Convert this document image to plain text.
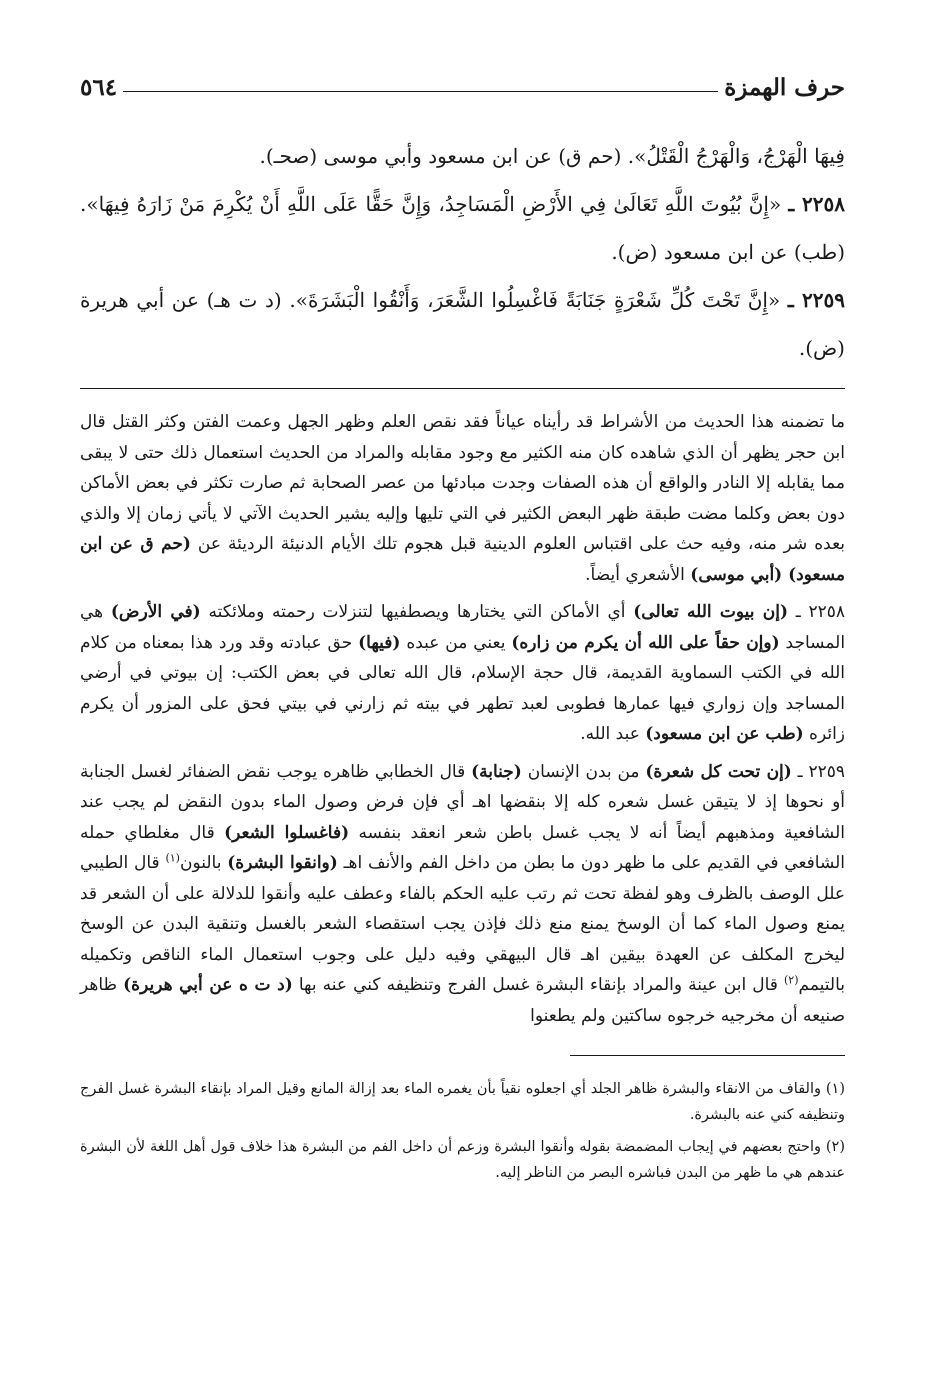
حرف الهمزة
٥٦٤

فِيهَا الْهَرْجُ، وَالْهَرْجُ الْقَتْلُ». (حم ق) عن ابن مسعود وأبي موسى (صحـ).

٢٢٥٨ ـ «إِنَّ بُيُوتَ اللَّهِ تَعَالَىٰ فِي الأَرْضِ الْمَسَاجِدُ، وَإِنَّ حَقًّا عَلَى اللَّهِ أَنْ يُكْرِمَ مَنْ زَارَهُ فِيهَا». (طب) عن ابن مسعود (ض).

٢٢٥٩ ـ «إِنَّ تَحْتَ كُلِّ شَعْرَةٍ جَنَابَةً فَاغْسِلُوا الشَّعَرَ، وَأَنْقُوا الْبَشَرَةَ». (د ت هـ) عن أبي هريرة (ض).

ما تضمنه هذا الحديث من الأشراط قد رأيناه عياناً فقد نقص العلم وظهر الجهل وعمت الفتن وكثر القتل قال ابن حجر يظهر أن الذي شاهده كان منه الكثير مع وجود مقابله والمراد من الحديث استعمال ذلك حتى لا يبقى مما يقابله إلا النادر والواقع أن هذه الصفات وجدت مبادئها من عصر الصحابة ثم صارت تكثر في بعض الأماكن دون بعض وكلما مضت طبقة ظهر البعض الكثير في التي تليها وإليه يشير الحديث الآتي لا يأتي زمان إلا والذي بعده شر منه، وفيه حث على اقتباس العلوم الدينية قبل هجوم تلك الأيام الدنيئة الرديئة عن (حم ق عن ابن مسعود) (أبي موسى) الأشعري أيضاً.

٢٢٥٨ ـ (إن بيوت الله تعالى) أي الأماكن التي يختارها ويصطفيها لتنزلات رحمته وملائكته (في الأرض) هي المساجد (وإن حقاً على الله أن يكرم من زاره) يعني من عبده (فيها) حق عبادته وقد ورد هذا بمعناه من كلام الله في الكتب السماوية القديمة، قال حجة الإسلام، قال الله تعالى في بعض الكتب: إن بيوتي في أرضي المساجد وإن زواري فيها عمارها فطوبى لعبد تطهر في بيته ثم زارني في بيتي فحق على المزور أن يكرم زائره (طب عن ابن مسعود) عبد الله.

٢٢٥٩ ـ (إن تحت كل شعرة) من بدن الإنسان (جنابة) قال الخطابي ظاهره يوجب نقض الضفائر لغسل الجنابة أو نحوها إذ لا يتيقن غسل شعره كله إلا بنقضها اهـ أي فإن فرض وصول الماء بدون النقض لم يجب عند الشافعية ومذهبهم أيضاً أنه لا يجب غسل باطن شعر انعقد بنفسه (فاغسلوا الشعر) قال مغلطاي حمله الشافعي في القديم على ما ظهر دون ما بطن من داخل الفم والأنف اهـ (وانقوا البشرة) بالنون$^{(١)}$ قال الطيبي علل الوصف بالظرف وهو لفظة تحت ثم رتب عليه الحكم بالفاء وعطف عليه وأنقوا للدلالة على أن الشعر قد يمنع وصول الماء كما أن الوسخ يمنع منع ذلك فإذن يجب استقصاء الشعر بالغسل وتنقية البدن عن الوسخ ليخرج المكلف عن العهدة بيقين اهـ قال البيهقي وفيه دليل على وجوب استعمال الماء الناقص وتكميله بالتيمم$^{(٢)}$ قال ابن عينة والمراد بإنقاء البشرة غسل الفرج وتنظيفه كني عنه بها (د ت ه عن أبي هريرة) ظاهر صنيعه أن مخرجيه خرجوه ساكتين ولم يطعنوا

(١) والقاف من الانقاء والبشرة ظاهر الجلد أي اجعلوه نقياً بأن يغمره الماء بعد إزالة المانع وقيل المراد بإنقاء البشرة غسل الفرج وتنظيفه كني عنه بالبشرة.

(٢) واحتج بعضهم في إيجاب المضمضة بقوله وأنقوا البشرة وزعم أن داخل الفم من البشرة هذا خلاف قول أهل اللغة لأن البشرة عندهم هي ما ظهر من البدن فباشره البصر من الناظر إليه.
